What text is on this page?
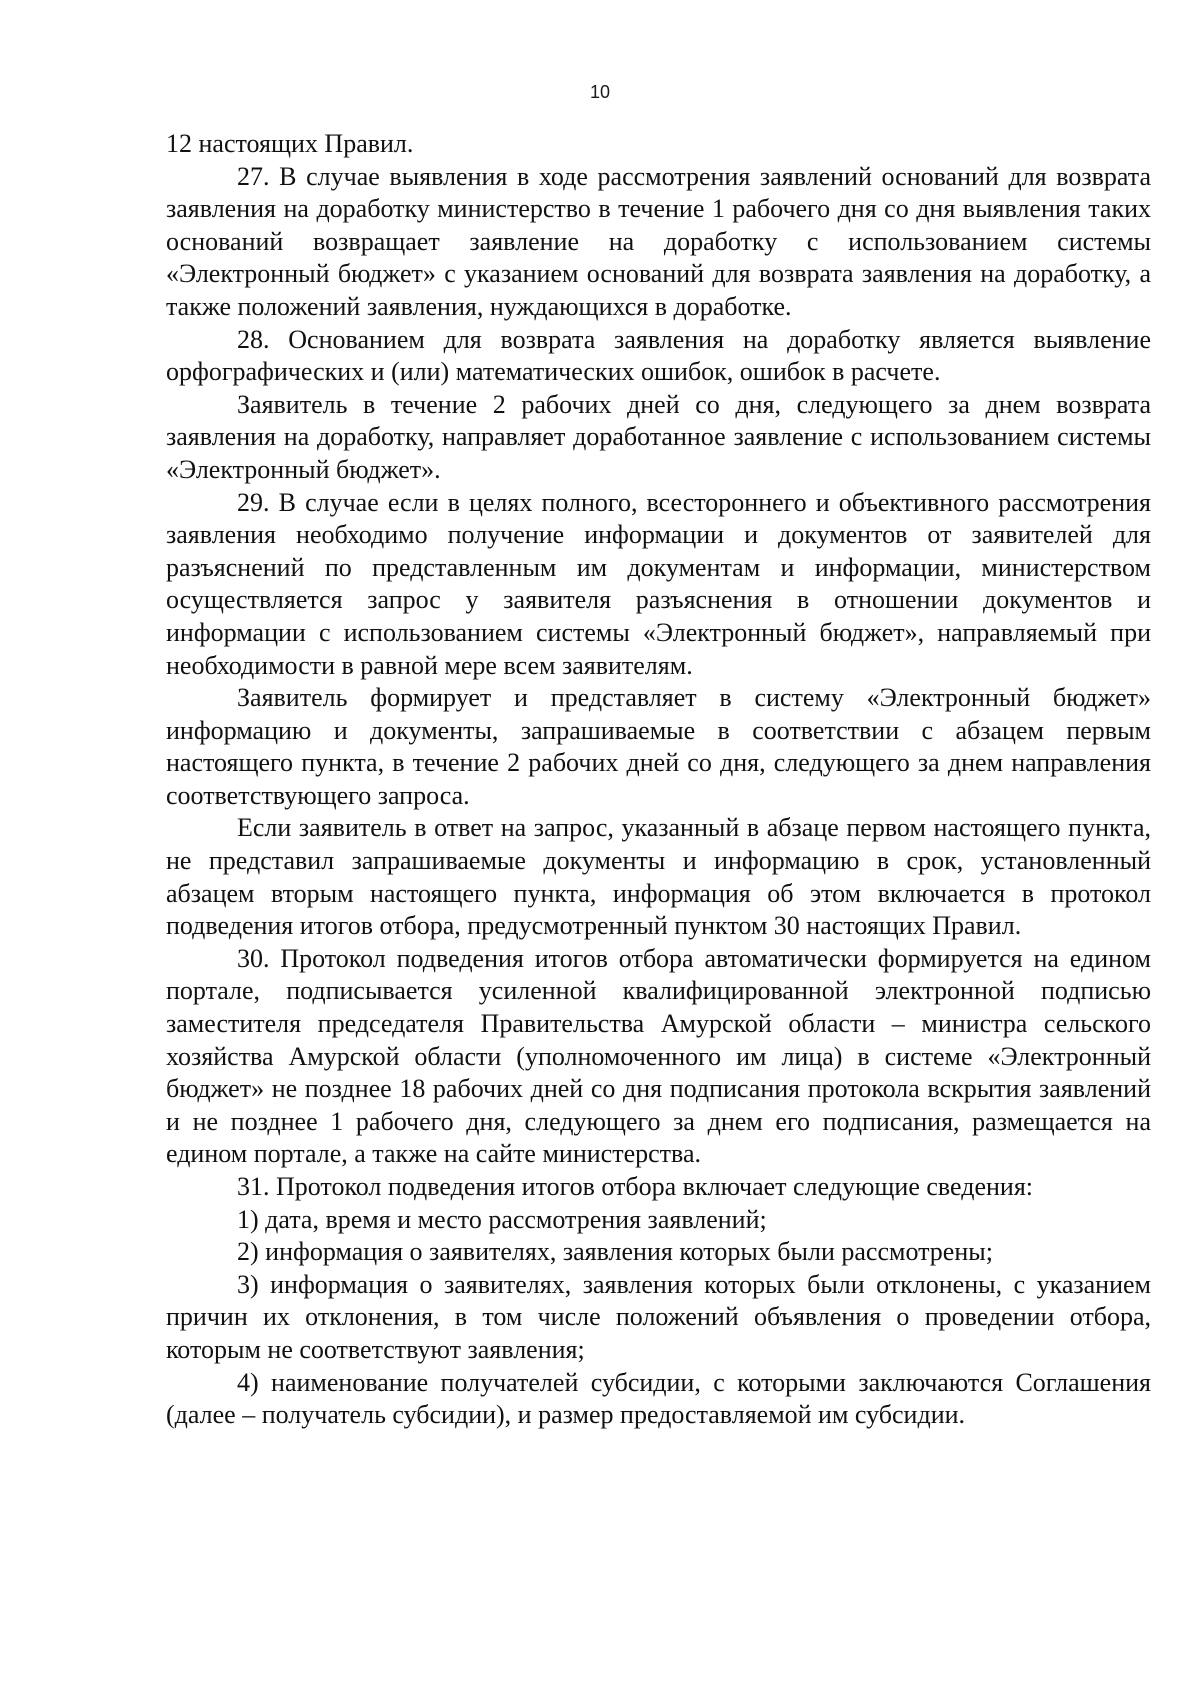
10

12 настоящих Правил.

27. В случае выявления в ходе рассмотрения заявлений оснований для возврата заявления на доработку министерство в течение 1 рабочего дня со дня выявления таких оснований возвращает заявление на доработку с использованием системы «Электронный бюджет» с указанием оснований для возврата заявления на доработку, а также положений заявления, нуждающихся в доработке.

28. Основанием для возврата заявления на доработку является выявление орфографических и (или) математических ошибок, ошибок в расчете.

Заявитель в течение 2 рабочих дней со дня, следующего за днем возврата заявления на доработку, направляет доработанное заявление с использованием системы «Электронный бюджет».

29. В случае если в целях полного, всестороннего и объективного рассмотрения заявления необходимо получение информации и документов от заявителей для разъяснений по представленным им документам и информации, министерством осуществляется запрос у заявителя разъяснения в отношении документов и информации с использованием системы «Электронный бюджет», направляемый при необходимости в равной мере всем заявителям.

Заявитель формирует и представляет в систему «Электронный бюджет» информацию и документы, запрашиваемые в соответствии с абзацем первым настоящего пункта, в течение 2 рабочих дней со дня, следующего за днем направления соответствующего запроса.

Если заявитель в ответ на запрос, указанный в абзаце первом настоящего пункта, не представил запрашиваемые документы и информацию в срок, установленный абзацем вторым настоящего пункта, информация об этом включается в протокол подведения итогов отбора, предусмотренный пунктом 30 настоящих Правил.

30. Протокол подведения итогов отбора автоматически формируется на едином портале, подписывается усиленной квалифицированной электронной подписью заместителя председателя Правительства Амурской области – министра сельского хозяйства Амурской области (уполномоченного им лица) в системе «Электронный бюджет» не позднее 18 рабочих дней со дня подписания протокола вскрытия заявлений и не позднее 1 рабочего дня, следующего за днем его подписания, размещается на едином портале, а также на сайте министерства.

31. Протокол подведения итогов отбора включает следующие сведения:

1) дата, время и место рассмотрения заявлений;

2) информация о заявителях, заявления которых были рассмотрены;

3) информация о заявителях, заявления которых были отклонены, с указанием причин их отклонения, в том числе положений объявления о проведении отбора, которым не соответствуют заявления;

4) наименование получателей субсидии, с которыми заключаются Соглашения (далее – получатель субсидии), и размер предоставляемой им субсидии.
